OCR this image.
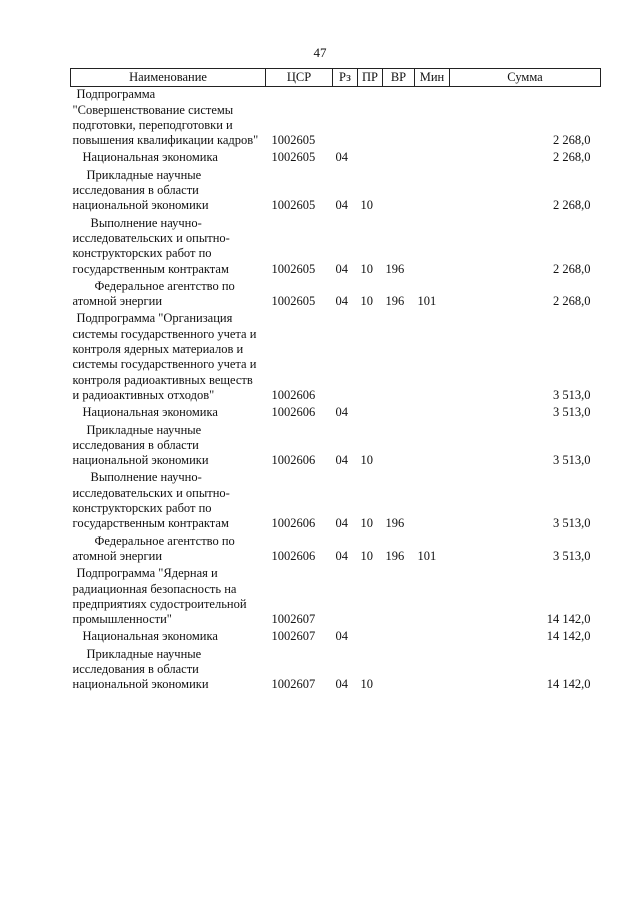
47
Наименование	ЦСР	Рз	ПР	ВР	Мин	Сумма
Подпрограмма "Совершенствование системы подготовки, переподготовки и повышения квалификации кадров"	1002605					2 268,0
Национальная экономика	1002605	04				2 268,0
Прикладные научные исследования в области национальной экономики	1002605	04	10			2 268,0
Выполнение научно-исследовательских и опытно-конструкторских работ по государственным контрактам	1002605	04	10	196		2 268,0
Федеральное агентство по атомной энергии	1002605	04	10	196	101	2 268,0
Подпрограмма "Организация системы государственного учета и контроля ядерных материалов и системы государственного учета и контроля радиоактивных веществ и радиоактивных отходов"	1002606					3 513,0
Национальная экономика	1002606	04				3 513,0
Прикладные научные исследования в области национальной экономики	1002606	04	10			3 513,0
Выполнение научно-исследовательских и опытно-конструкторских работ по государственным контрактам	1002606	04	10	196		3 513,0
Федеральное агентство по атомной энергии	1002606	04	10	196	101	3 513,0
Подпрограмма "Ядерная и радиационная безопасность на предприятиях судостроительной промышленности"	1002607					14 142,0
Национальная экономика	1002607	04				14 142,0
Прикладные научные исследования в области национальной экономики	1002607	04	10			14 142,0
